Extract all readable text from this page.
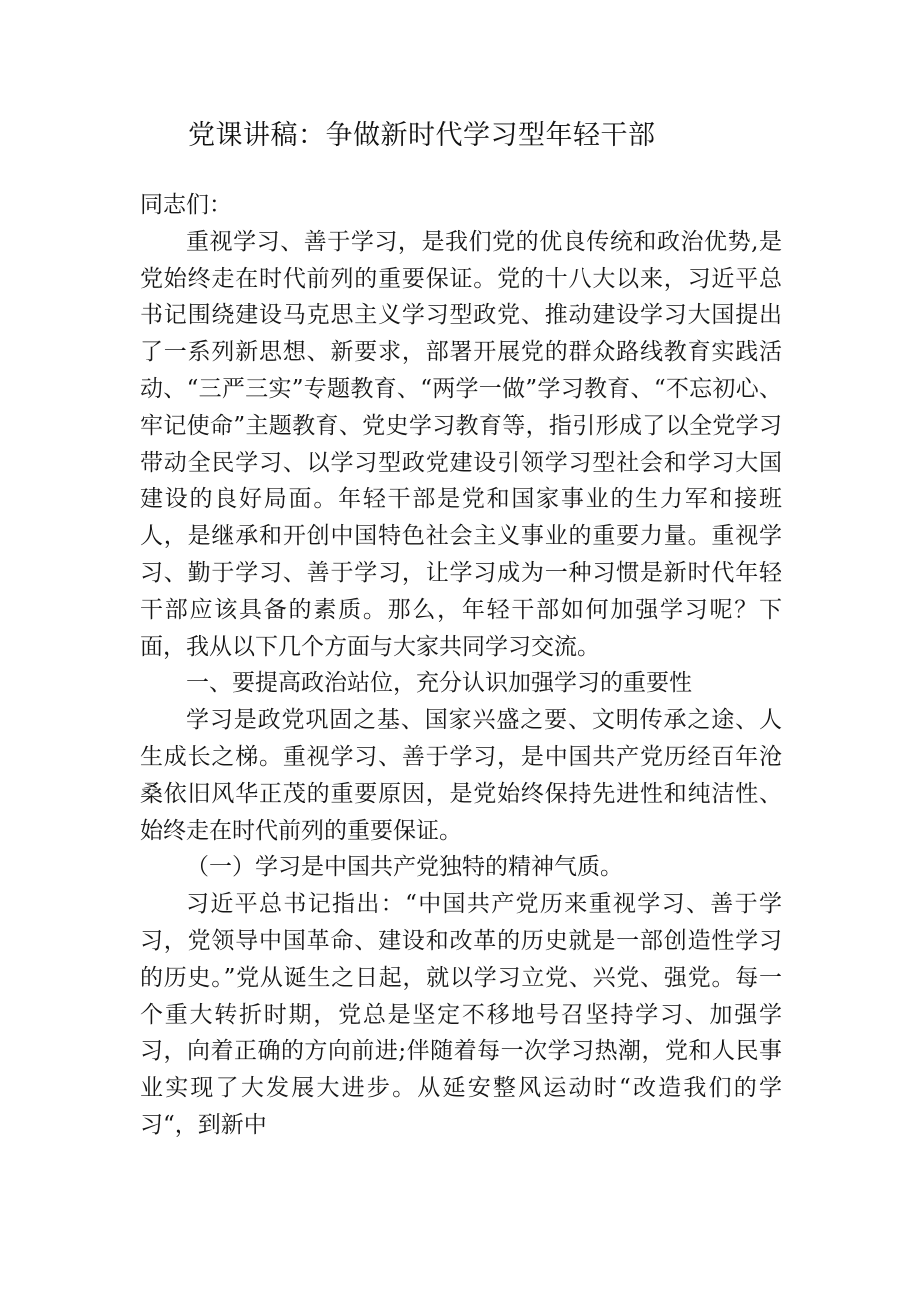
党课讲稿：争做新时代学习型年轻干部

同志们：

重视学习、善于学习，是我们党的优良传统和政治优势,是党始终走在时代前列的重要保证。党的十八大以来，习近平总书记围绕建设马克思主义学习型政党、推动建设学习大国提出了一系列新思想、新要求，部署开展党的群众路线教育实践活动、“三严三实”专题教育、“两学一做”学习教育、“不忘初心、牢记使命”主题教育、党史学习教育等，指引形成了以全党学习带动全民学习、以学习型政党建设引领学习型社会和学习大国建设的良好局面。年轻干部是党和国家事业的生力军和接班人，是继承和开创中国特色社会主义事业的重要力量。重视学习、勤于学习、善于学习，让学习成为一种习惯是新时代年轻干部应该具备的素质。那么，年轻干部如何加强学习呢？下面，我从以下几个方面与大家共同学习交流。

一、要提高政治站位，充分认识加强学习的重要性

学习是政党巩固之基、国家兴盛之要、文明传承之途、人生成长之梯。重视学习、善于学习，是中国共产党历经百年沧桑依旧风华正茂的重要原因，是党始终保持先进性和纯洁性、始终走在时代前列的重要保证。

（一）学习是中国共产党独特的精神气质。

习近平总书记指出：“中国共产党历来重视学习、善于学习，党领导中国革命、建设和改革的历史就是一部创造性学习的历史。”党从诞生之日起，就以学习立党、兴党、强党。每一个重大转折时期，党总是坚定不移地号召坚持学习、加强学习，向着正确的方向前进;伴随着每一次学习热潮，党和人民事业实现了大发展大进步。从延安整风运动时“改造我们的学习“，到新中
